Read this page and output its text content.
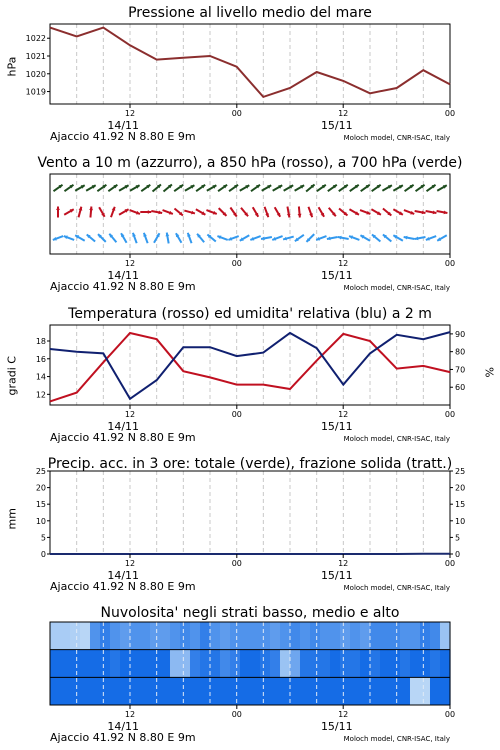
Pressione al livello medio del mare
hPa
1019
1020
1021
1022
12	00	12	00
14/11	15/11
Ajaccio 41.92 N 8.80 E 9m	Moloch model, CNR-ISAC, Italy
Vento a 10 m (azzurro), a 850 hPa (rosso), a 700 hPa (verde)
12	00	12	00
14/11	15/11
Ajaccio 41.92 N 8.80 E 9m	Moloch model, CNR-ISAC, Italy
Temperatura (rosso) ed umidita' relativa (blu) a 2 m
gradi C	%
12
14
16
18
60
70
80
90
12	00	12	00
14/11	15/11
Ajaccio 41.92 N 8.80 E 9m	Moloch model, CNR-ISAC, Italy
Precip. acc. in 3 ore: totale (verde), frazione solida (tratt.)
mm
0	0
5	5
10	10
15	15
20	20
25	25
12	00	12	00
14/11	15/11
Ajaccio 41.92 N 8.80 E 9m	Moloch model, CNR-ISAC, Italy
Nuvolosita' negli strati basso, medio e alto
12	00	12	00
14/11	15/11
Ajaccio 41.92 N 8.80 E 9m	Moloch model, CNR-ISAC, Italy
